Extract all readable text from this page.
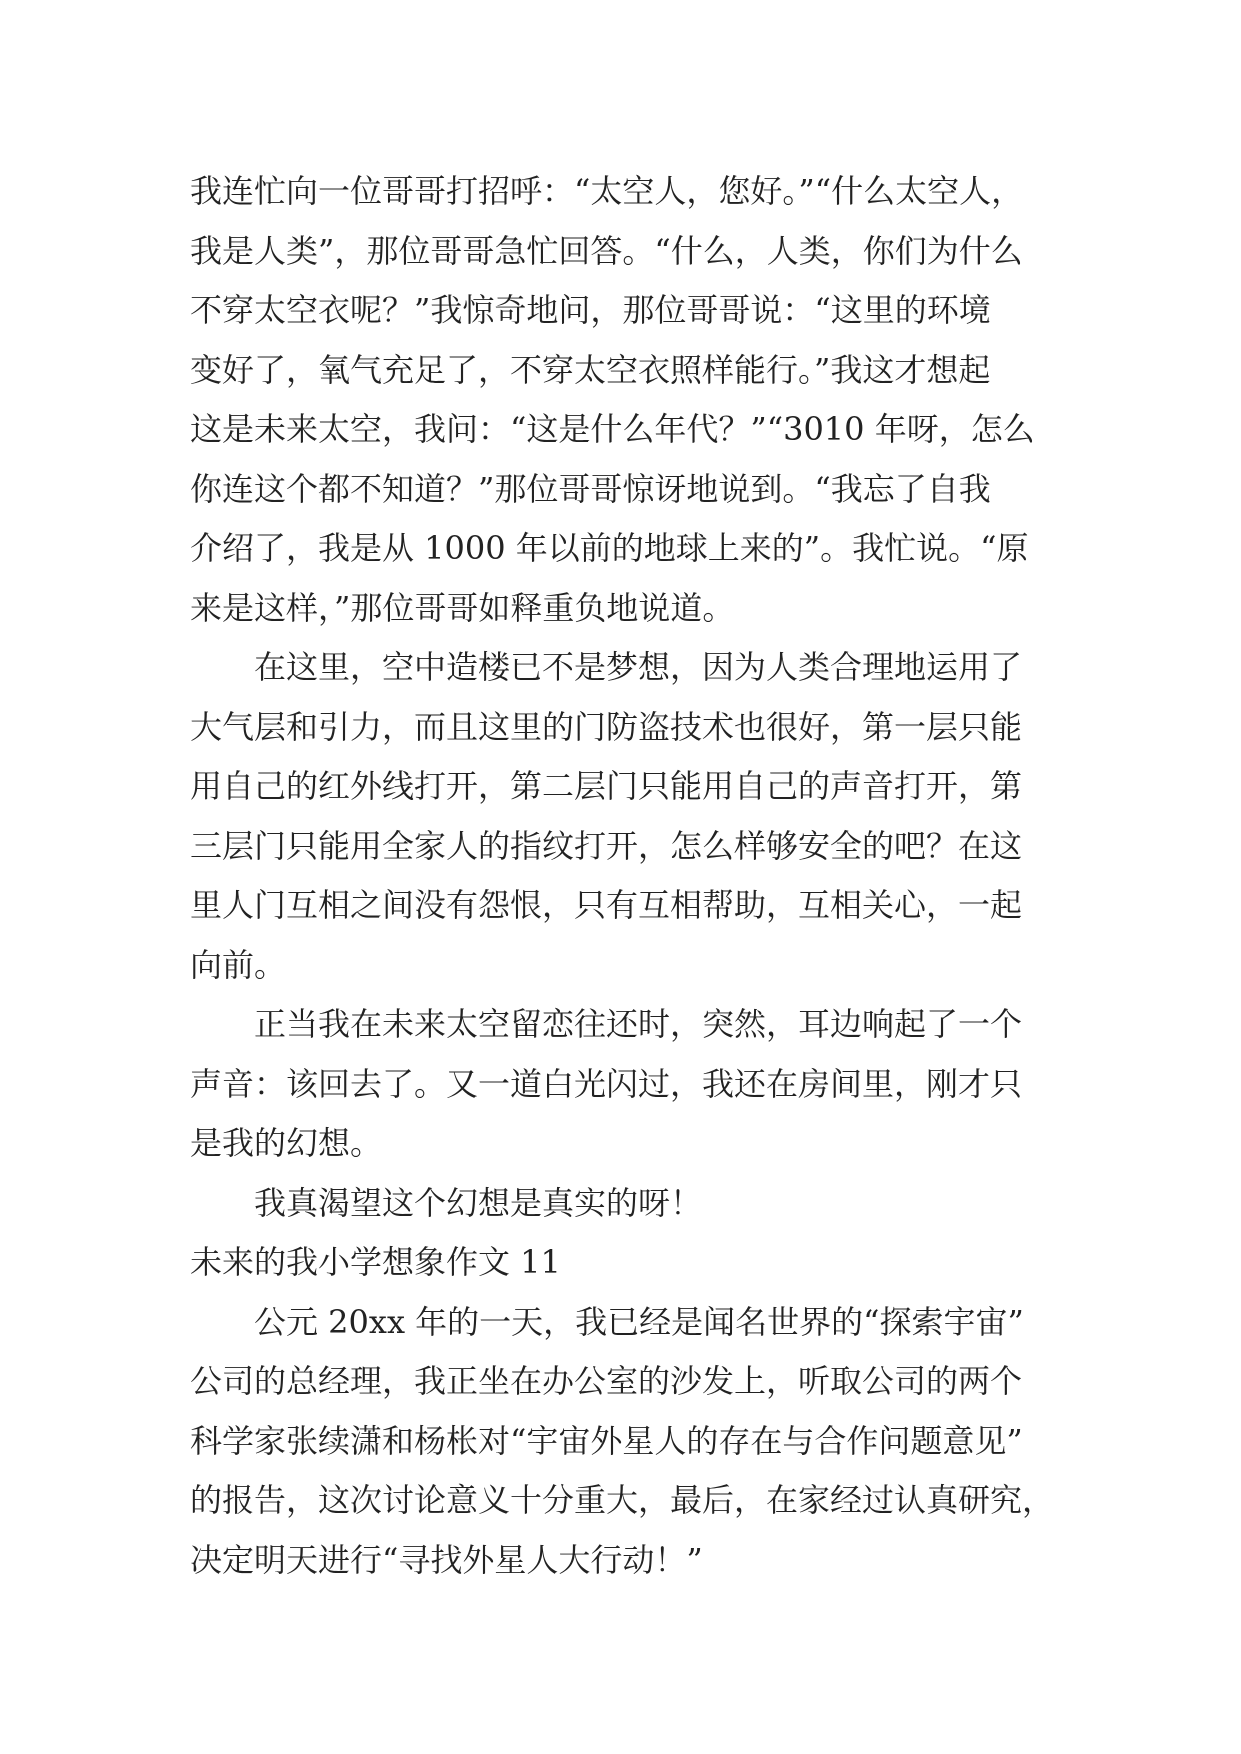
我连忙向一位哥哥打招呼：“太空人，您好。”“什么太空人，
我是人类”，那位哥哥急忙回答。“什么，人类，你们为什么
不穿太空衣呢？”我惊奇地问，那位哥哥说：“这里的环境
变好了，氧气充足了，不穿太空衣照样能行。”我这才想起
这是未来太空，我问：“这是什么年代？”“3010 年呀，怎么
你连这个都不知道？”那位哥哥惊讶地说到。“我忘了自我
介绍了，我是从 1000 年以前的地球上来的”。我忙说。“原
来是这样，”那位哥哥如释重负地说道。
在这里，空中造楼已不是梦想，因为人类合理地运用了
大气层和引力，而且这里的门防盗技术也很好，第一层只能
用自己的红外线打开，第二层门只能用自己的声音打开，第
三层门只能用全家人的指纹打开，怎么样够安全的吧？在这
里人门互相之间没有怨恨，只有互相帮助，互相关心，一起
向前。
正当我在未来太空留恋往还时，突然，耳边响起了一个
声音：该回去了。又一道白光闪过，我还在房间里，刚才只
是我的幻想。
我真渴望这个幻想是真实的呀！
未来的我小学想象作文 11
公元 20xx 年的一天，我已经是闻名世界的“探索宇宙”
公司的总经理，我正坐在办公室的沙发上，听取公司的两个
科学家张续潇和杨枨对“宇宙外星人的存在与合作问题意见”
的报告，这次讨论意义十分重大，最后，在家经过认真研究，
决定明天进行“寻找外星人大行动！”
